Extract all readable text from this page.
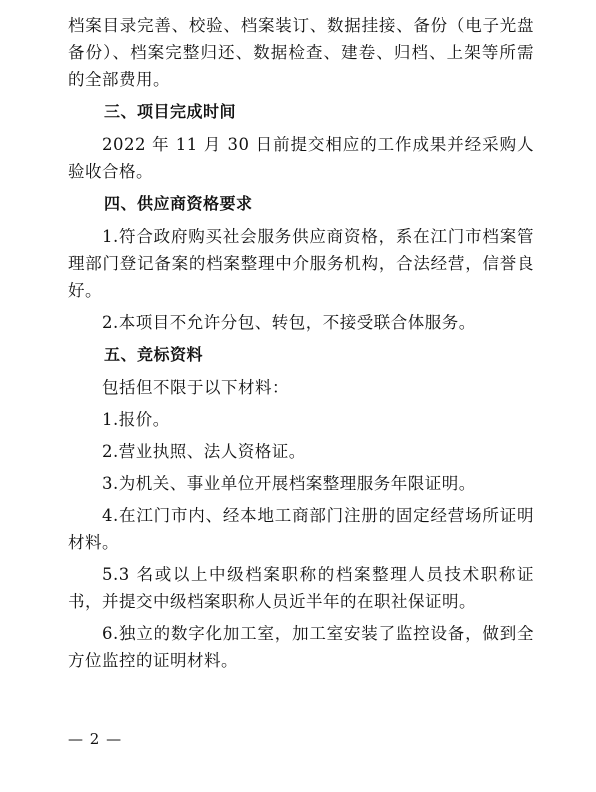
档案目录完善、校验、档案装订、数据挂接、备份（电子光盘备份）、档案完整归还、数据检查、建卷、归档、上架等所需的全部费用。

三、项目完成时间

2022 年 11 月 30 日前提交相应的工作成果并经采购人验收合格。

四、供应商资格要求

1.符合政府购买社会服务供应商资格，系在江门市档案管理部门登记备案的档案整理中介服务机构，合法经营，信誉良好。

2.本项目不允许分包、转包，不接受联合体服务。

五、竞标资料

包括但不限于以下材料：

1.报价。

2.营业执照、法人资格证。

3.为机关、事业单位开展档案整理服务年限证明。

4.在江门市内、经本地工商部门注册的固定经营场所证明材料。

5.3 名或以上中级档案职称的档案整理人员技术职称证书，并提交中级档案职称人员近半年的在职社保证明。

6.独立的数字化加工室，加工室安装了监控设备，做到全方位监控的证明材料。

— 2 —
